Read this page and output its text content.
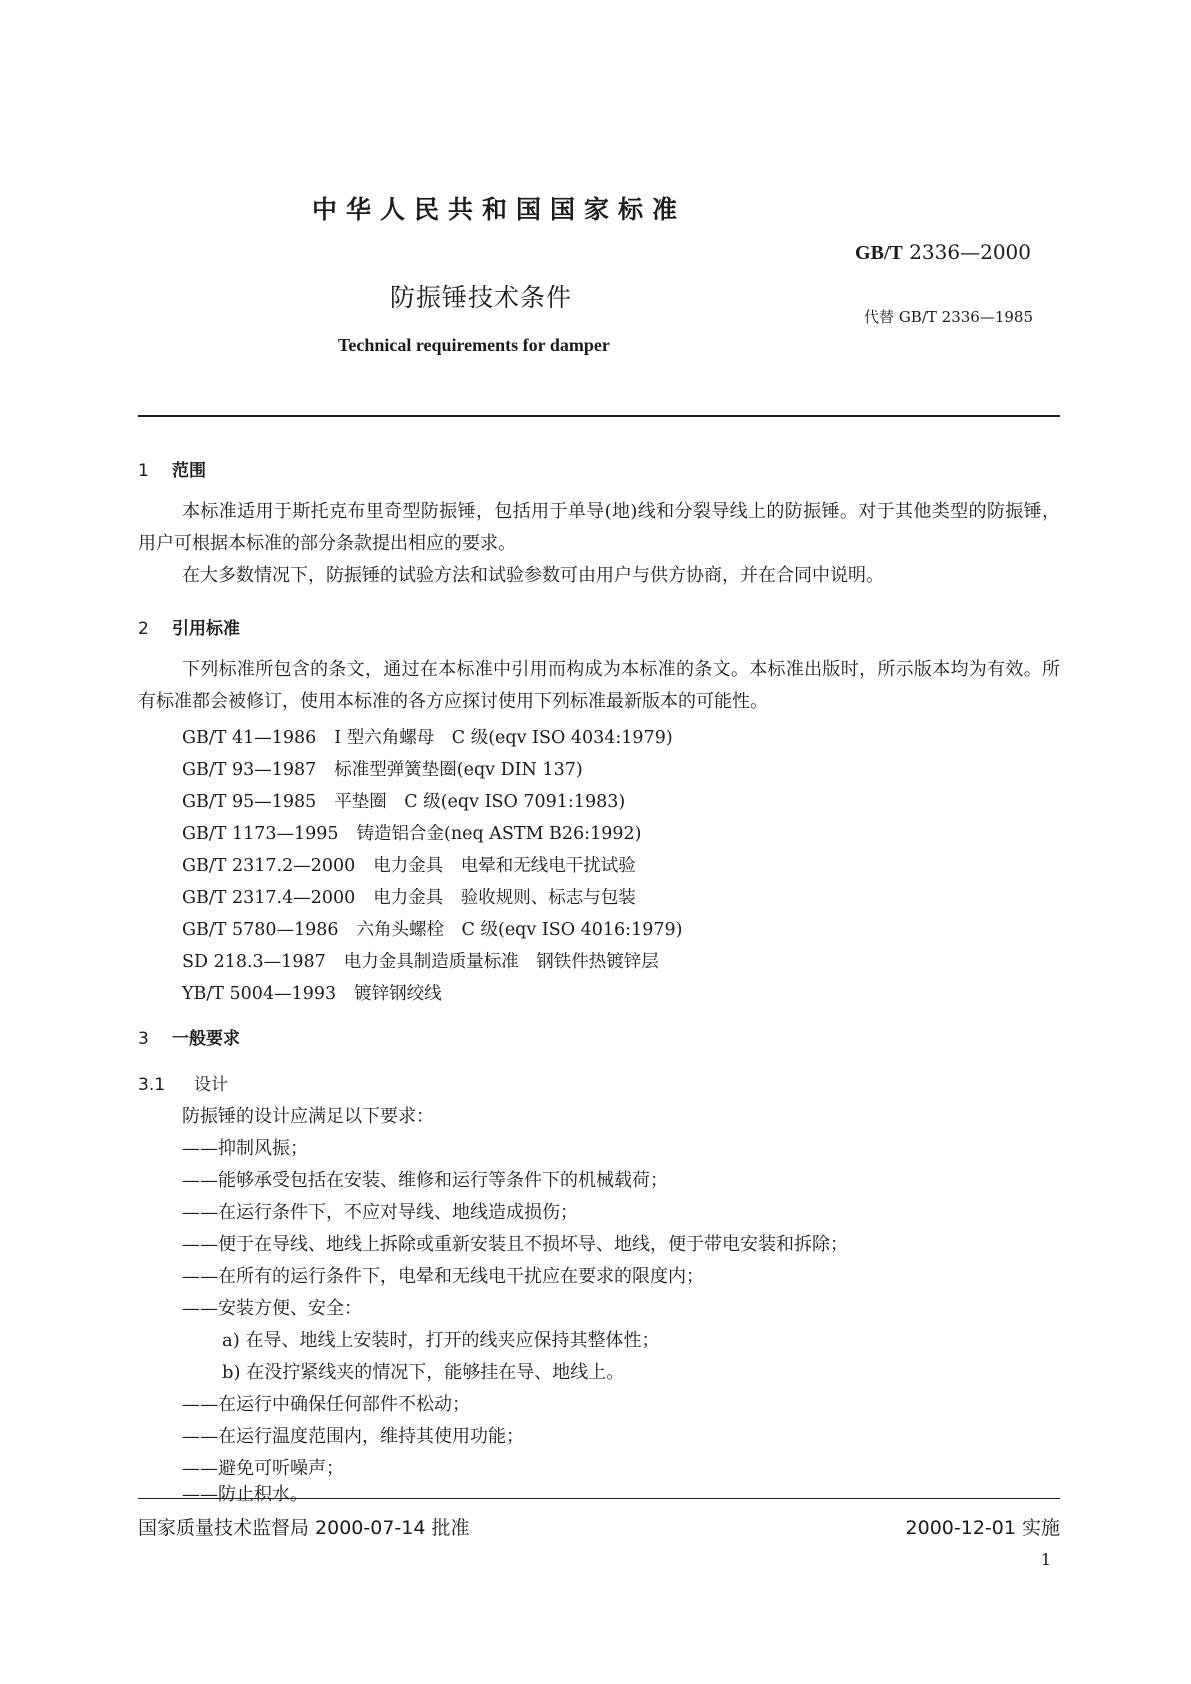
中华人民共和国国家标准
GB/T 2336—2000
防振锤技术条件
代替 GB/T 2336—1985
Technical requirements for damper
1 范围
本标准适用于斯托克布里奇型防振锤，包括用于单导(地)线和分裂导线上的防振锤。对于其他类型的防振锤，用户可根据本标准的部分条款提出相应的要求。
在大多数情况下，防振锤的试验方法和试验参数可由用户与供方协商，并在合同中说明。
2 引用标准
下列标准所包含的条文，通过在本标准中引用而构成为本标准的条文。本标准出版时，所示版本均为有效。所有标准都会被修订，使用本标准的各方应探讨使用下列标准最新版本的可能性。
GB/T 41—1986 I 型六角螺母　C 级(eqv ISO 4034:1979)
GB/T 93—1987 标准型弹簧垫圈(eqv DIN 137)
GB/T 95—1985 平垫圈　C 级(eqv ISO 7091:1983)
GB/T 1173—1995 铸造铝合金(neq ASTM B26:1992)
GB/T 2317.2—2000 电力金具　电晕和无线电干扰试验
GB/T 2317.4—2000 电力金具　验收规则、标志与包装
GB/T 5780—1986 六角头螺栓　C 级(eqv ISO 4016:1979)
SD 218.3—1987 电力金具制造质量标准　钢铁件热镀锌层
YB/T 5004—1993 镀锌钢绞线
3 一般要求
3.1 设计
防振锤的设计应满足以下要求：
——抑制风振；
——能够承受包括在安装、维修和运行等条件下的机械载荷；
——在运行条件下，不应对导线、地线造成损伤；
——便于在导线、地线上拆除或重新安装且不损坏导、地线，便于带电安装和拆除；
——在所有的运行条件下，电晕和无线电干扰应在要求的限度内；
——安装方便、安全：
a) 在导、地线上安装时，打开的线夹应保持其整体性；
b) 在没拧紧线夹的情况下，能够挂在导、地线上。
——在运行中确保任何部件不松动；
——在运行温度范围内，维持其使用功能；
——避免可听噪声；
——防止积水。
国家质量技术监督局 2000-07-14 批准	2000-12-01 实施
1
